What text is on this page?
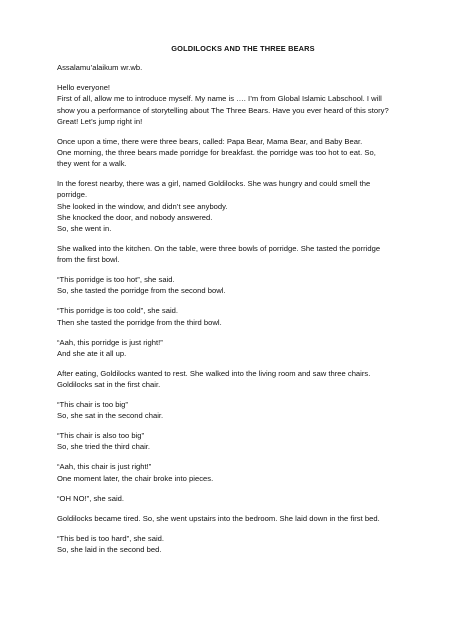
GOLDILOCKS AND THE THREE BEARS
Assalamu’alaikum wr.wb.
Hello everyone!
First of all, allow me to introduce myself. My name is …. I’m from Global Islamic Labschool. I will
show you a performance of storytelling about The Three Bears. Have you ever heard of this story?
Great! Let’s jump right in!
Once upon a time, there were three bears, called: Papa Bear, Mama Bear, and Baby Bear.
One morning, the three bears made porridge for breakfast. the porridge was too hot to eat. So,
they went for a walk.
In the forest nearby, there was a girl, named Goldilocks. She was hungry and could smell the
porridge.
She looked in the window, and didn’t see anybody.
She knocked the door, and nobody answered.
So, she went in.
She walked into the kitchen. On the table, were three bowls of porridge. She tasted the porridge
from the first bowl.
“This porridge is too hot”, she said.
So, she tasted the porridge from the second bowl.
“This porridge is too cold”, she said.
Then she tasted the porridge from the third bowl.
“Aah, this porridge is just right!”
And she ate it all up.
After eating, Goldilocks wanted to rest. She walked into the living room and saw three chairs.
Goldilocks sat in the first chair.
“This chair is too big”
So, she sat in the second chair.
“This chair is also too big”
So, she tried the third chair.
“Aah, this chair is just right!”
One moment later, the chair broke into pieces.
“OH NO!”, she said.
Goldilocks became tired. So, she went upstairs into the bedroom. She laid down in the first bed.
“This bed is too hard”, she said.
So, she laid in the second bed.
